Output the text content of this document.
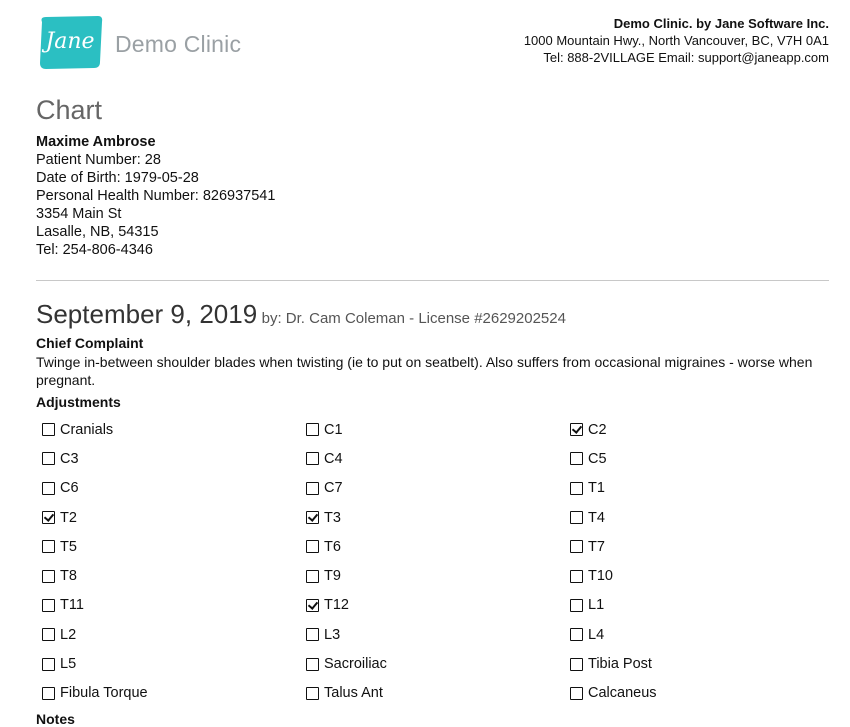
Jane Demo Clinic
Demo Clinic. by Jane Software Inc.
1000 Mountain Hwy., North Vancouver, BC, V7H 0A1
Tel: 888-2VILLAGE Email: support@janeapp.com
Chart
Maxime Ambrose
Patient Number: 28
Date of Birth: 1979-05-28
Personal Health Number: 826937541
3354 Main St
Lasalle, NB, 54315
Tel: 254-806-4346
September 9, 2019 by: Dr. Cam Coleman - License #2629202524
Chief Complaint
Twinge in-between shoulder blades when twisting (ie to put on seatbelt). Also suffers from occasional migraines - worse when pregnant.
Adjustments
Cranials	C1	C2
C3	C4	C5
C6	C7	T1
T2	T3	T4
T5	T6	T7
T8	T9	T10
T11	T12	L1
L2	L3	L4
L5	Sacroiliac	Tibia Post
Fibula Torque	Talus Ant	Calcaneus
Notes
